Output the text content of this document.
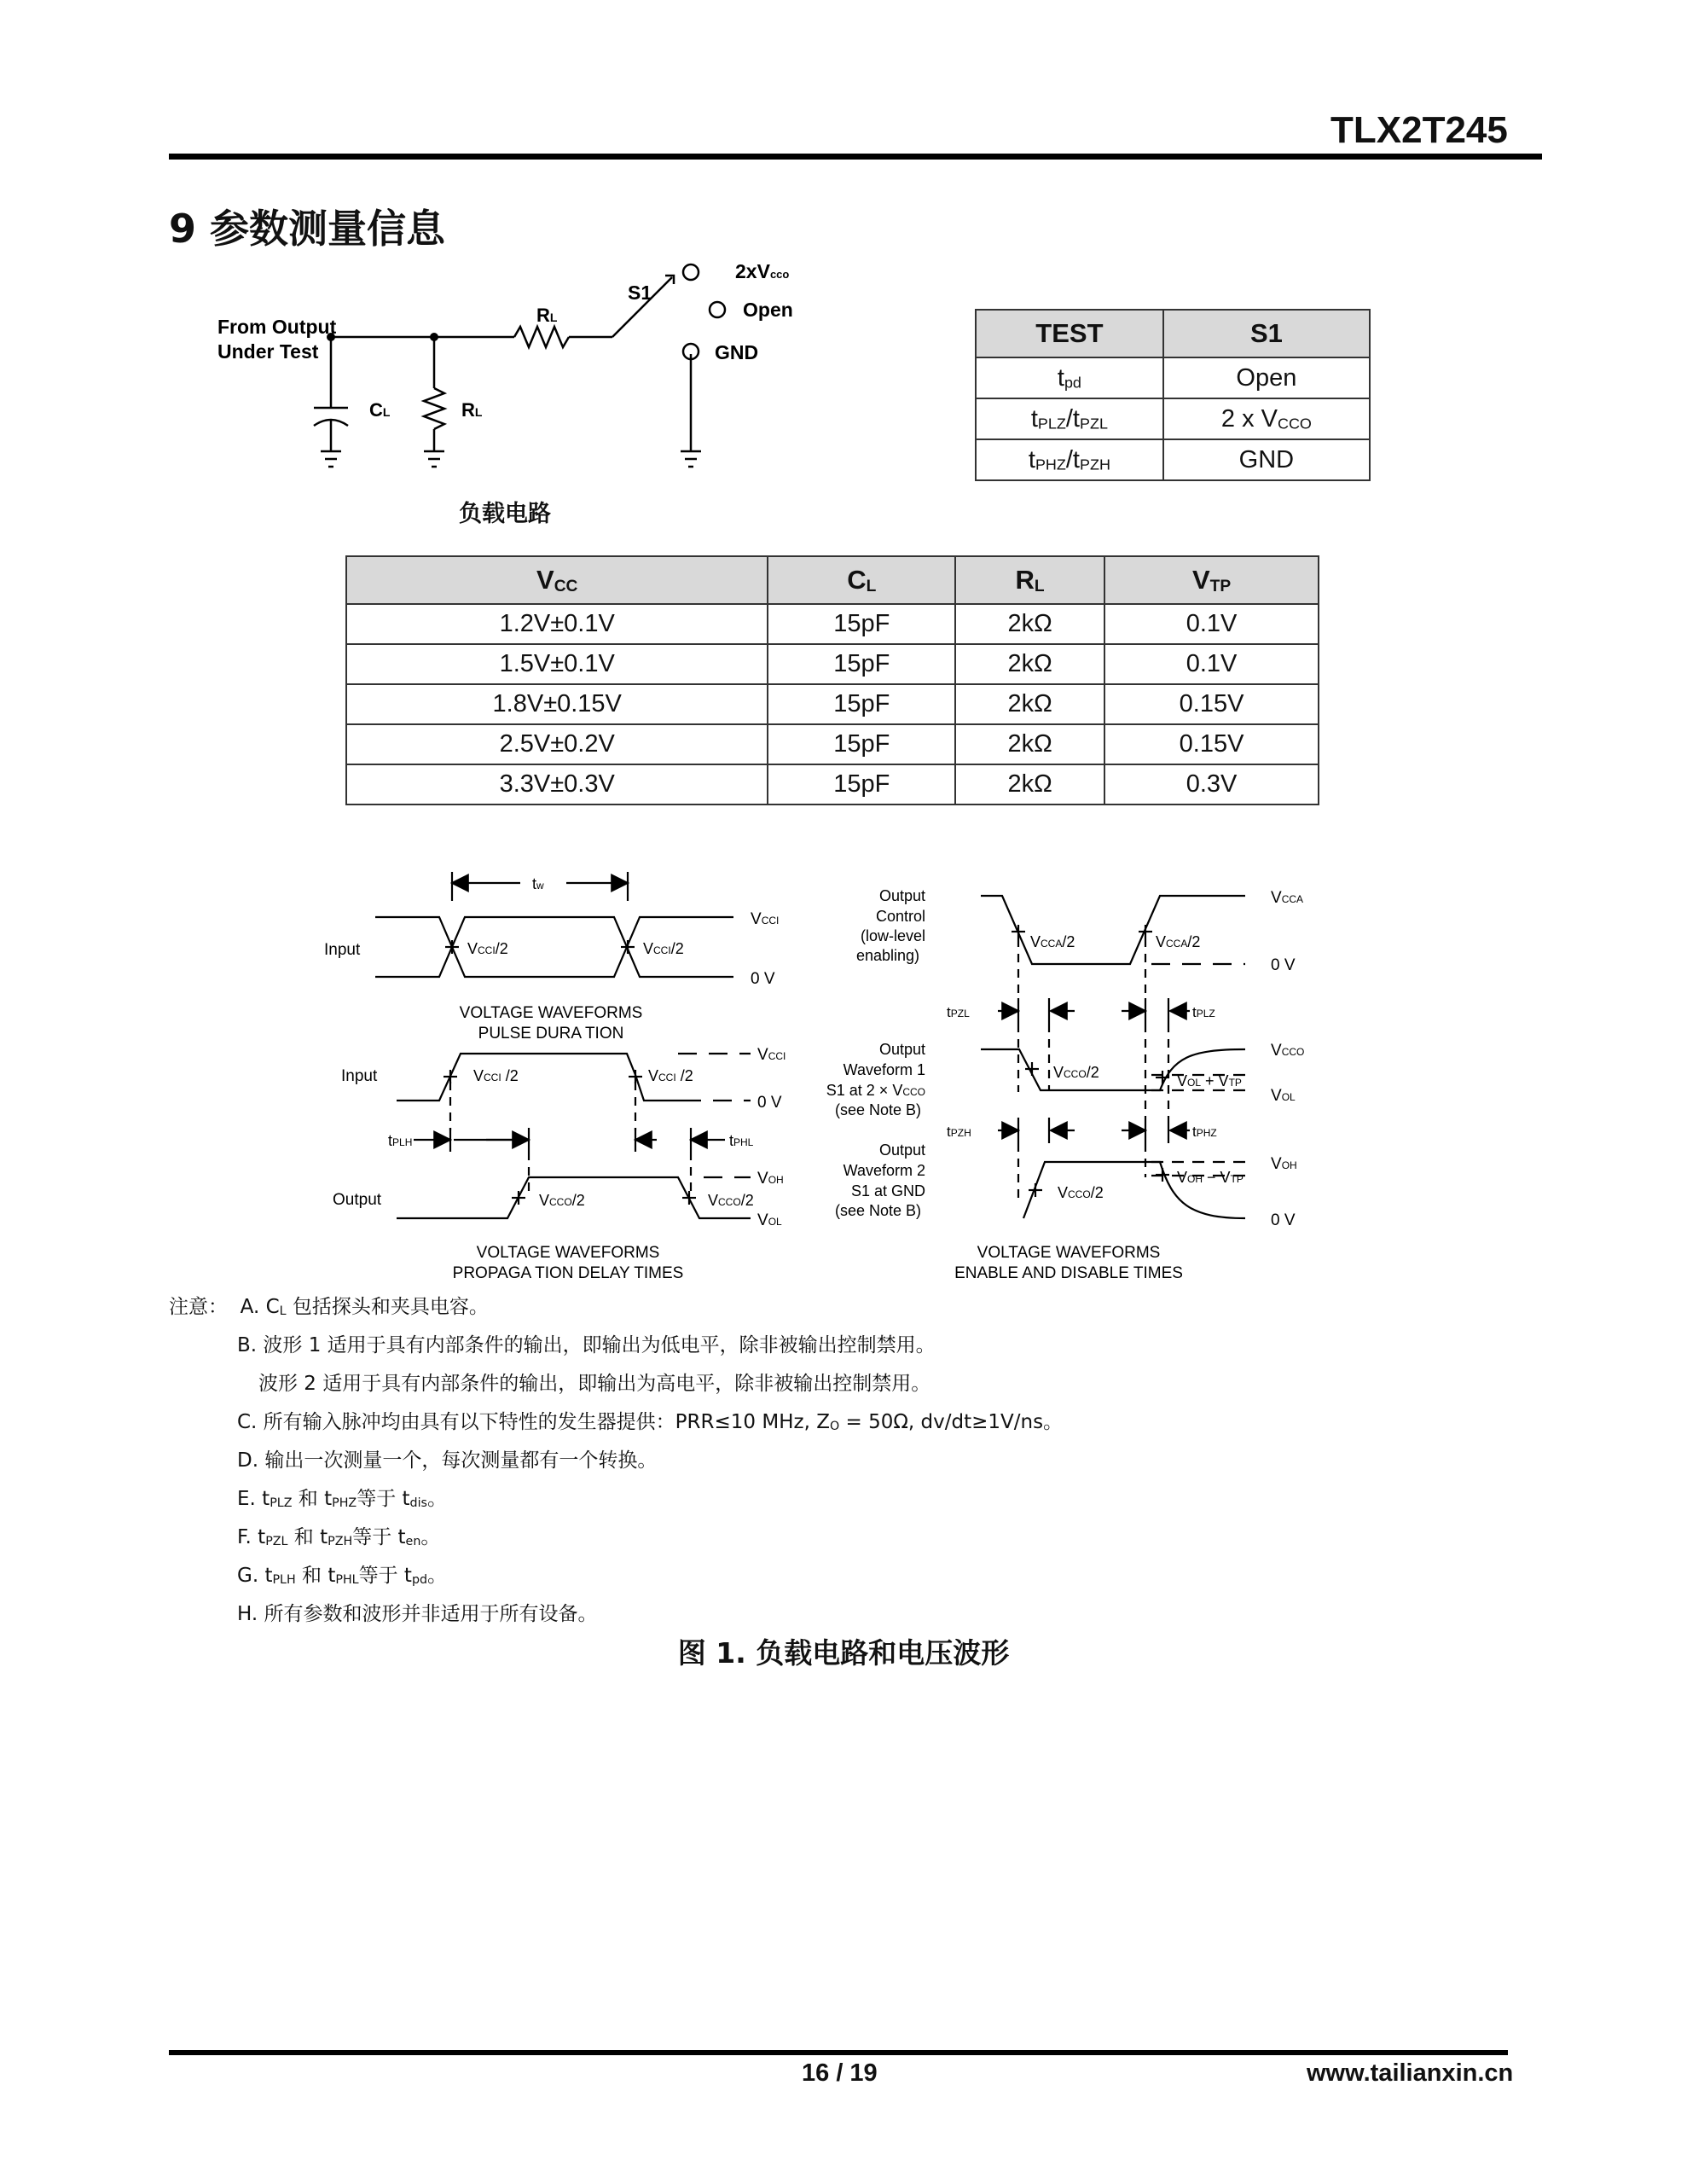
TLX2T245
9 参数测量信息
From Output
Under Test
CL	RL
RL
S1
2xVcco
Open
GND
负载电路
TEST	S1
$t_{pd}$	Open
$t_{PLZ}/t_{PZL}$	2 x $V_{CCO}$
$t_{PHZ}/t_{PZH}$	GND
$V_{CC}$	$C_L$	$R_L$	$V_{TP}$
1.2V±0.1V	15pF	2kΩ	0.1V
1.5V±0.1V	15pF	2kΩ	0.1V
1.8V±0.15V	15pF	2kΩ	0.15V
2.5V±0.2V	15pF	2kΩ	0.15V
3.3V±0.3V	15pF	2kΩ	0.3V
tw
Input	VCCI/2	VCCI/2
VCCI
0 V
VOLTAGE WAVEFORMS
PULSE DURA TION
Input	VCCI /2	VCCI /2
VCCI
0 V
tPLH	tPHL
Output	VCCO/2	VCCO/2
VOH
VOL
VOLTAGE WAVEFORMS
PROPAGA TION DELAY TIMES
Output
Control
(low-level
enabling)
VCCA/2	VCCA/2
VCCA
0 V
tPZL	tPLZ
Output
Waveform 1
S1 at 2 × VCCO
(see Note B)
VCCO/2	VOL + VTP
VCCO
VOL
tPZH	tPHZ
Output
Waveform 2
S1 at GND
(see Note B)
VCCO/2
VOH − VTP
VOH
0 V
VOLTAGE WAVEFORMS
ENABLE AND DISABLE TIMES
注意： A. $C_L$ 包括探头和夹具电容。
B. 波形 1 适用于具有内部条件的输出，即输出为低电平，除非被输出控制禁用。
波形 2 适用于具有内部条件的输出，即输出为高电平，除非被输出控制禁用。
C. 所有输入脉冲均由具有以下特性的发生器提供：PRR≤10 MHz, $Z_O = 50\Omega$, dv/dt≥1V/ns。
D. 输出一次测量一个，每次测量都有一个转换。
E. $t_{PLZ}$ 和 $t_{PHZ}$等于 $t_{dis}$。
F. $t_{PZL}$ 和 $t_{PZH}$等于 $t_{en}$。
G. $t_{PLH}$ 和 $t_{PHL}$等于 $t_{pd}$。
H. 所有参数和波形并非适用于所有设备。
图 1. 负载电路和电压波形
16 / 19	www.tailianxin.cn
